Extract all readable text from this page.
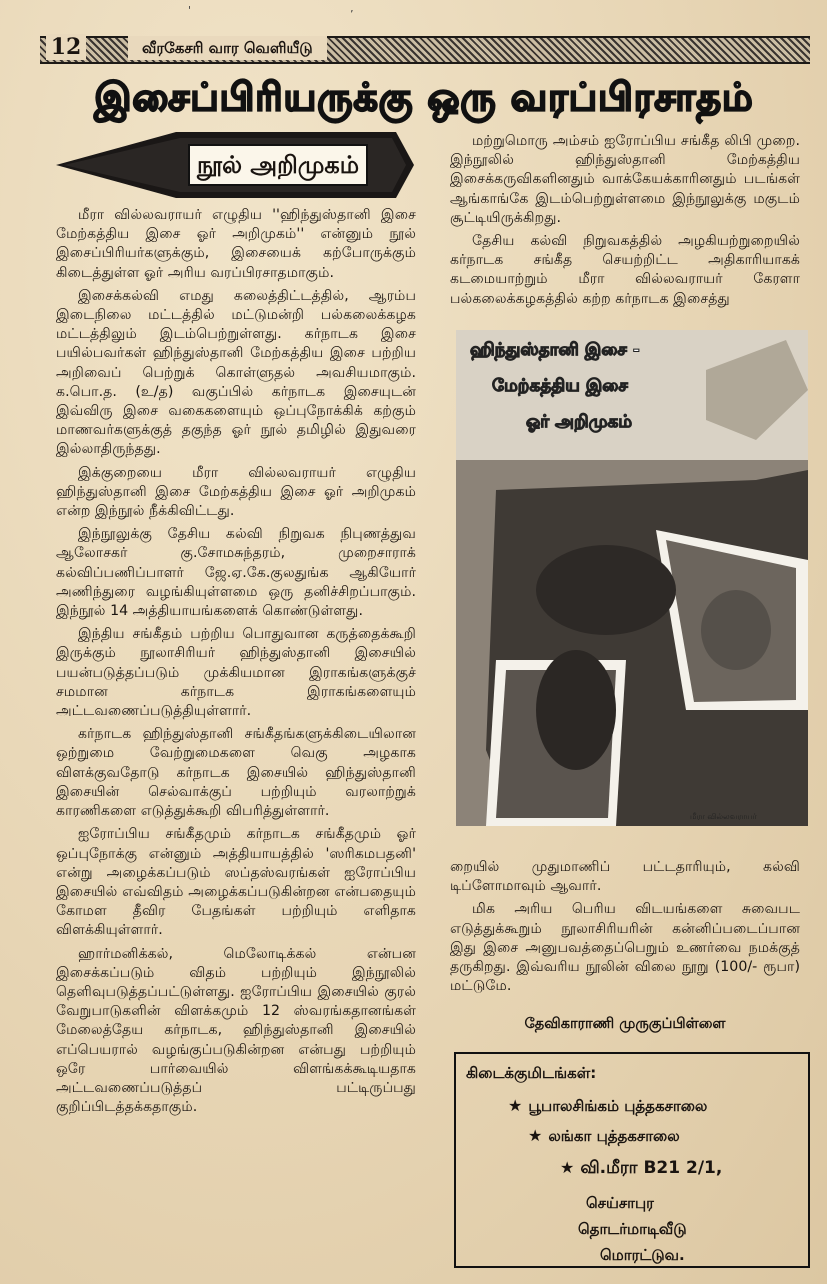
'	ʼ
12	வீரகேசரி வார வெளியீடு
இசைப்பிரியருக்கு ஒரு வரப்பிரசாதம்
நூல் அறிமுகம்

மீரா வில்லவராயர் எழுதிய ''ஹிந்துஸ்தானி இசை மேற்கத்திய இசை ஓர் அறிமுகம்'' என்னும் நூல் இசைப்பிரியர்களுக்கும், இசையைக் கற்போருக்கும் கிடைத்துள்ள ஓர் அரிய வரப்பிரசாதமாகும்.

இசைக்கல்வி எமது கலைத்திட்டத்தில், ஆரம்ப இடைநிலை மட்டத்தில் மட்டுமன்றி பல்கலைக்கழக மட்டத்திலும் இடம்பெற்றுள்ளது. கர்நாடக இசை பயில்பவர்கள் ஹிந்துஸ்தானி மேற்கத்திய இசை பற்றிய அறிவைப் பெற்றுக் கொள்ளுதல் அவசியமாகும். க.பொ.த. (உ/த) வகுப்பில் கர்நாடக இசையுடன் இவ்விரு இசை வகைகளையும் ஒப்புநோக்கிக் கற்கும் மாணவர்களுக்குத் தகுந்த ஓர் நூல் தமிழில் இதுவரை இல்லாதிருந்தது.

இக்குறையை மீரா வில்லவராயர் எழுதிய ஹிந்துஸ்தானி இசை மேற்கத்திய இசை ஓர் அறிமுகம் என்ற இந்நூல் நீக்கிவிட்டது.

இந்நூலுக்கு தேசிய கல்வி நிறுவக நிபுணத்துவ ஆலோசகர் கு.சோமசுந்தரம், முறைசாராக் கல்விப்பணிப்பாளர் ஜே.ஏ.கே.குலதுங்க ஆகியோர் அணிந்துரை வழங்கியுள்ளமை ஒரு தனிச்சிறப்பாகும். இந்நூல் 14 அத்தியாயங்களைக் கொண்டுள்ளது.

இந்திய சங்கீதம் பற்றிய பொதுவான கருத்தைக்கூறி இருக்கும் நூலாசிரியர் ஹிந்துஸ்தானி இசையில் பயன்படுத்தப்படும் முக்கியமான இராகங்களுக்குச் சமமான கர்நாடக இராகங்களையும் அட்டவணைப்படுத்தியுள்ளார்.

கர்நாடக ஹிந்துஸ்தானி சங்கீதங்களுக்கிடையிலான ஒற்றுமை வேற்றுமைகளை வெகு அழகாக விளக்குவதோடு கர்நாடக இசையில் ஹிந்துஸ்தானி இசையின் செல்வாக்குப் பற்றியும் வரலாற்றுக் காரணிகளை எடுத்துக்கூறி விபரித்துள்ளார்.

ஐரோப்பிய சங்கீதமும் கர்நாடக சங்கீதமும் ஓர் ஒப்புநோக்கு என்னும் அத்தியாயத்தில் 'ஸரிகமபதனி' என்று அழைக்கப்படும் ஸப்தஸ்வரங்கள் ஐரோப்பிய இசையில் எவ்விதம் அழைக்கப்படுகின்றன என்பதையும் கோமள தீவிர பேதங்கள் பற்றியும் எளிதாக விளக்கியுள்ளார்.

ஹார்மனிக்கல், மெலோடிக்கல் என்பன இசைக்கப்படும் விதம் பற்றியும் இந்நூலில் தெளிவுபடுத்தப்பட்டுள்ளது. ஐரோப்பிய இசையில் குரல் வேறுபாடுகளின் விளக்கமும் 12 ஸ்வரங்கதானங்கள் மேலைத்தேய கர்நாடக, ஹிந்துஸ்தானி இசையில் எப்பெயரால் வழங்குப்படுகின்றன என்பது பற்றியும் ஒரே பார்வையில் விளங்கக்கூடியதாக அட்டவணைப்படுத்தப் பட்டிருப்பது குறிப்பிடத்தக்கதாகும்.

மற்றுமொரு அம்சம் ஐரோப்பிய சங்கீத லிபி முறை. இந்நூலில் ஹிந்துஸ்தானி மேற்கத்திய இசைக்கருவிகளினதும் வாக்கேயக்காரினதும் படங்கள் ஆங்காங்கே இடம்பெற்றுள்ளமை இந்நூலுக்கு மகுடம் சூட்டியிருக்கிறது.

தேசிய கல்வி நிறுவகத்தில் அழகியற்றுறையில் கர்நாடக சங்கீத செயற்றிட்ட அதிகாரியாகக் கடமையாற்றும் மீரா வில்லவராயர் கேரளா பல்கலைக்கழகத்தில் கற்ற கர்நாடக இசைத்து

ஹிந்துஸ்தானி இசை -
மேற்கத்திய இசை
ஓர் அறிமுகம்
மீரா வில்லவராயர்

றையில் முதுமாணிப் பட்டதாரியும், கல்வி டிப்ளோமாவும் ஆவார்.

மிக அரிய பெரிய விடயங்களை சுவைபட எடுத்துக்கூறும் நூலாசிரியரின் கன்னிப்படைப்பான இது இசை அனுபவத்தைப்பெறும் உணர்வை நமக்குத் தருகிறது. இவ்வரிய நூலின் விலை நூறு (100/- ரூபா) மட்டுமே.

தேவிகாராணி முருகுப்பிள்ளை
கிடைக்குமிடங்கள்:
★ பூபாலசிங்கம் புத்தகசாலை
★ லங்கா புத்தகசாலை
★ வி.மீரா B21 2/1,
செய்சாபுர
தொடர்மாடிவீடு
மொரட்டுவ.
